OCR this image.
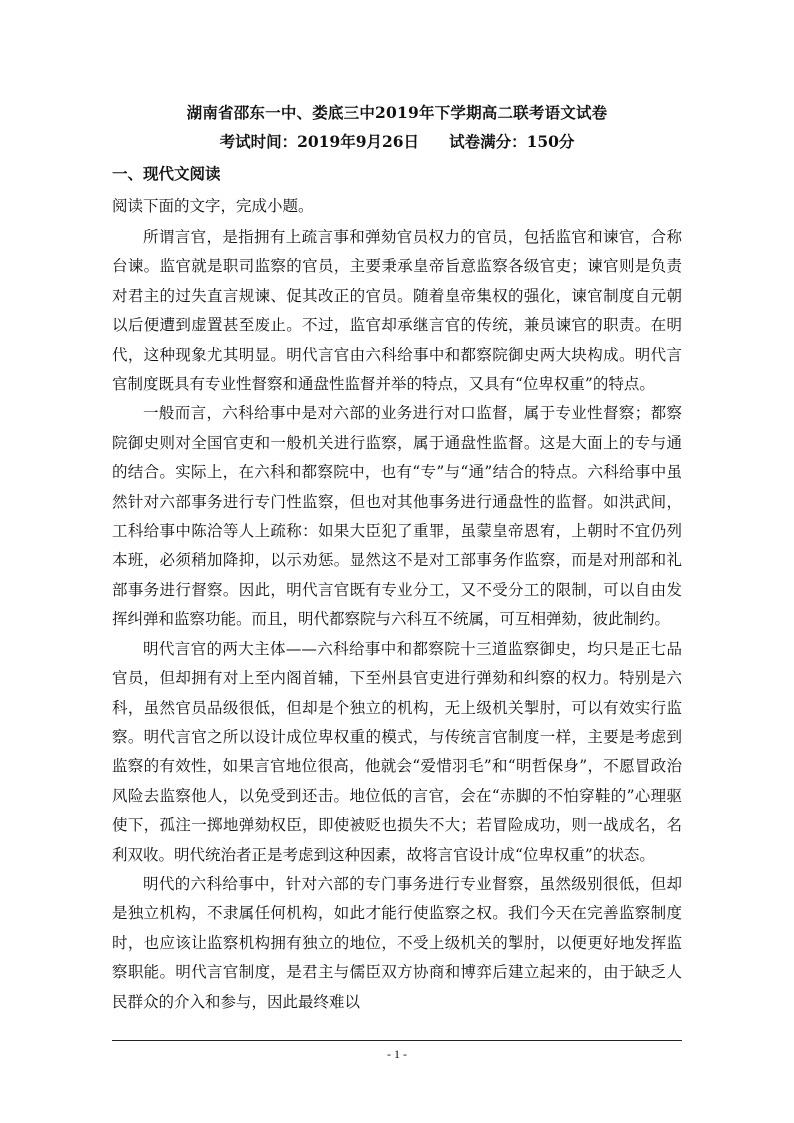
湖南省邵东一中、娄底三中2019年下学期高二联考语文试卷
考试时间：2019年9月26日 试卷满分：150分
一、现代文阅读
阅读下面的文字，完成小题。

所谓言官，是指拥有上疏言事和弹劾官员权力的官员，包括监官和谏官，合称台谏。监官就是职司监察的官员，主要秉承皇帝旨意监察各级官吏；谏官则是负责对君主的过失直言规谏、促其改正的官员。随着皇帝集权的强化，谏官制度自元朝以后便遭到虚置甚至废止。不过，监官却承继言官的传统，兼员谏官的职责。在明代，这种现象尤其明显。明代言官由六科给事中和都察院御史两大块构成。明代言官制度既具有专业性督察和通盘性监督并举的特点，又具有“位卑权重”的特点。

一般而言，六科给事中是对六部的业务进行对口监督，属于专业性督察；都察院御史则对全国官吏和一般机关进行监察，属于通盘性监督。这是大面上的专与通的结合。实际上，在六科和都察院中，也有“专”与“通”结合的特点。六科给事中虽然针对六部事务进行专门性监察，但也对其他事务进行通盘性的监督。如洪武间，工科给事中陈洽等人上疏称：如果大臣犯了重罪，虽蒙皇帝恩宥，上朝时不宜仍列本班，必须稍加降抑，以示劝惩。显然这不是对工部事务作监察，而是对刑部和礼部事务进行督察。因此，明代言官既有专业分工，又不受分工的限制，可以自由发挥纠弹和监察功能。而且，明代都察院与六科互不统属，可互相弹劾，彼此制约。

明代言官的两大主体——六科给事中和都察院十三道监察御史，均只是正七品官员，但却拥有对上至内阁首辅，下至州县官吏进行弹劾和纠察的权力。特别是六科，虽然官员品级很低，但却是个独立的机构，无上级机关掣肘，可以有效实行监察。明代言官之所以设计成位卑权重的模式，与传统言官制度一样，主要是考虑到监察的有效性，如果言官地位很高，他就会“爱惜羽毛”和“明哲保身”，不愿冒政治风险去监察他人，以免受到还击。地位低的言官，会在“赤脚的不怕穿鞋的”心理驱使下，孤注一掷地弹劾权臣，即使被贬也损失不大；若冒险成功，则一战成名，名利双收。明代统治者正是考虑到这种因素，故将言官设计成“位卑权重”的状态。

明代的六科给事中，针对六部的专门事务进行专业督察，虽然级别很低，但却是独立机构，不隶属任何机构，如此才能行使监察之权。我们今天在完善监察制度时，也应该让监察机构拥有独立的地位，不受上级机关的掣肘，以便更好地发挥监察职能。明代言官制度，是君主与儒臣双方协商和博弈后建立起来的，由于缺乏人民群众的介入和参与，因此最终难以

- 1 -
